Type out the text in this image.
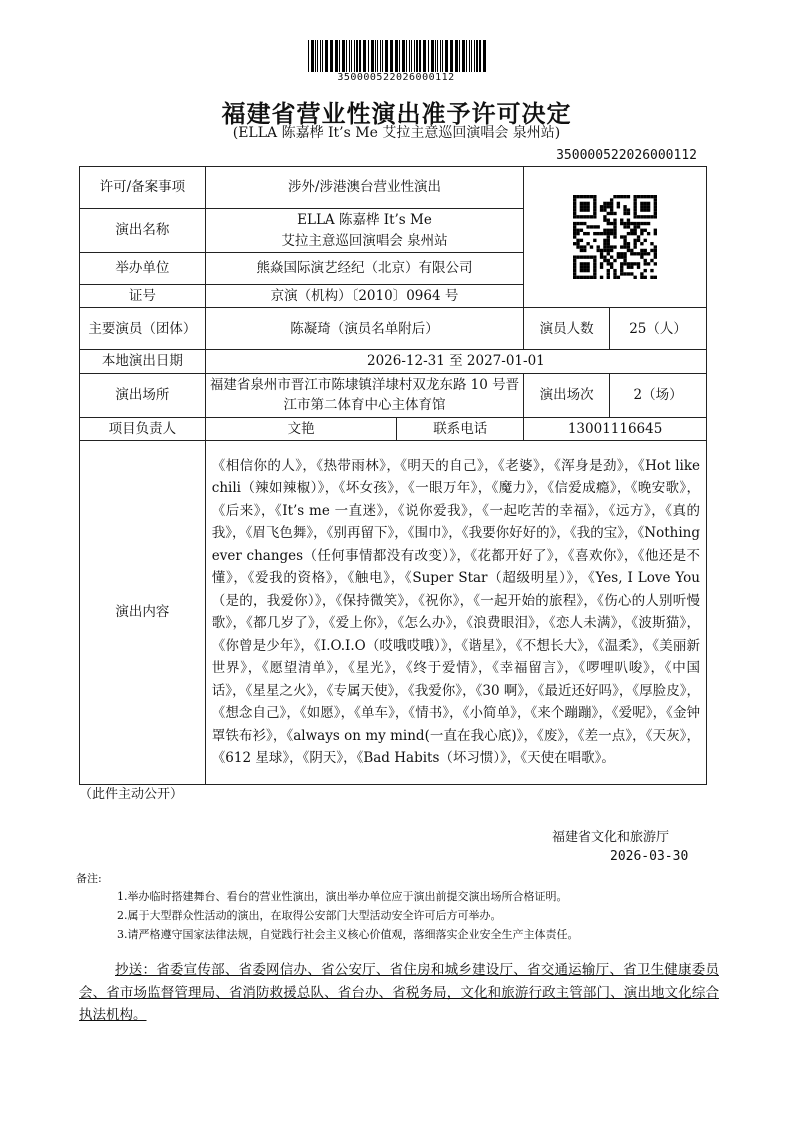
350000522026000112
福建省营业性演出准予许可决定
(ELLA 陈嘉桦 It’s Me 艾拉主意巡回演唱会 泉州站)
350000522026000112
许可/备案事项	涉外/涉港澳台营业性演出	

演出名称	ELLA 陈嘉桦 It’s Me
艾拉主意巡回演唱会 泉州站			

举办单位	熊焱国际演艺经纪（北京）有限公司			
证号	京演（机构）〔2010〕0964 号			
主要演员（团体）	陈凝琦（演员名单附后）		演员人数	25（人）
本地演出日期	2026-12-31 至 2027-01-01			
演出场所	福建省泉州市晋江市陈埭镇洋埭村双龙东路 10 号晋江市第二体育中心主体育馆		演出场次	2（场）
项目负责人	文艳	联系电话	13001116645	
演出内容	《相信你的人》，《热带雨林》，《明天的自己》，《老婆》，《浑身是劲》，《Hot like chili（辣如辣椒）》，《坏女孩》，《一眼万年》，《魔力》，《信爱成瘾》，《晚安歌》，《后来》，《It’s me 一直迷》，《说你爱我》，《一起吃苦的幸福》，《远方》，《真的我》，《眉飞色舞》，《别再留下》，《围巾》，《我要你好好的》，《我的宝》，《Nothing ever changes（任何事情都没有改变）》，《花都开好了》，《喜欢你》，《他还是不懂》，《爱我的资格》，《触电》，《Super Star（超级明星）》，《Yes, I Love You（是的，我爱你）》，《保持微笑》，《祝你》，《一起开始的旅程》，《伤心的人别听慢歌》，《都几岁了》，《爱上你》，《怎么办》，《浪费眼泪》，《恋人未满》，《波斯猫》，《你曾是少年》，《I.O.I.O（哎哦哎哦）》，《谐星》，《不想长大》，《温柔》，《美丽新世界》，《愿望清单》，《星光》，《终于爱情》，《幸福留言》，《啰哩叭唆》，《中国话》，《星星之火》，《专属天使》，《我爱你》，《30 啊》，《最近还好吗》，《厚脸皮》，《想念自己》，《如愿》，《单车》，《情书》，《小简单》，《来个蹦蹦》，《爱呢》，《金钟罩铁布衫》，《always on my mind(一直在我心底)》，《废》，《差一点》，《天灰》，《612 星球》，《阴天》，《Bad Habits（坏习惯）》，《天使在唱歌》。			
（此件主动公开）
福建省文化和旅游厅
2026-03-30
备注:
1.举办临时搭建舞台、看台的营业性演出，演出举办单位应于演出前提交演出场所合格证明。
2.属于大型群众性活动的演出，在取得公安部门大型活动安全许可后方可举办。
3.请严格遵守国家法律法规，自觉践行社会主义核心价值观，落细落实企业安全生产主体责任。
抄送：省委宣传部、省委网信办、省公安厅、省住房和城乡建设厅、省交通运输厅、省卫生健康委员会、省市场监督管理局、省消防救援总队、省台办、省税务局，文化和旅游行政主管部门、演出地文化综合执法机构。
